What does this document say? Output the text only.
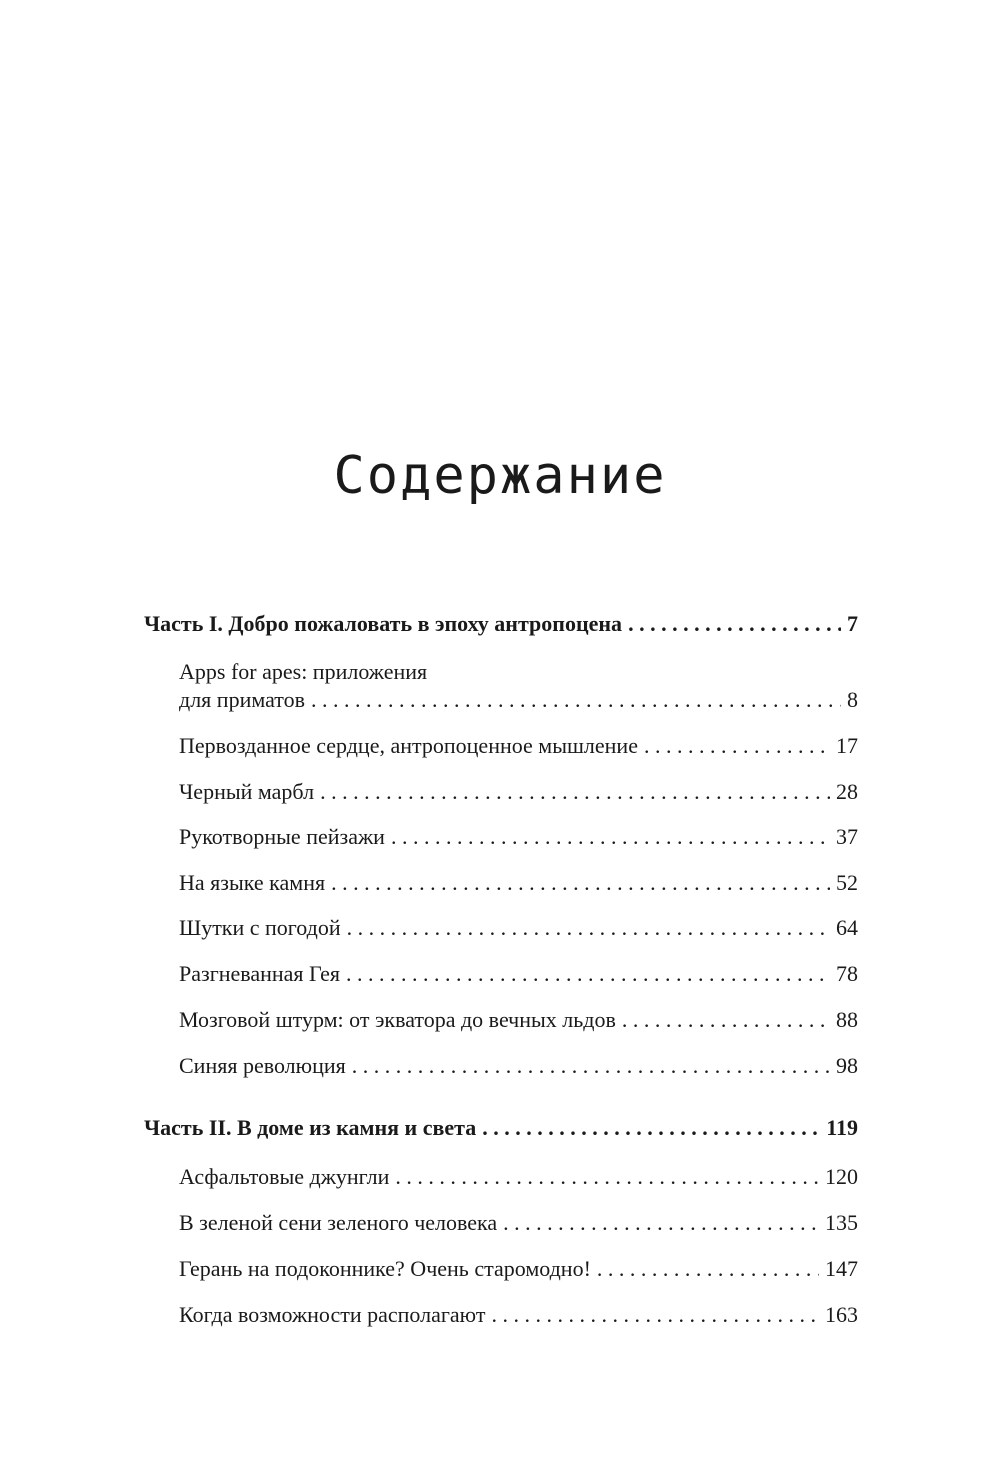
Содержание
Часть I. Добро пожаловать в эпоху антропоцена . . .	7
Apps for apes: приложения
для приматов . . .	8
Первозданное сердце, антропоценное мышление . . .	17
Черный марбл . . .	28
Рукотворные пейзажи . . .	37
На языке камня . . .	52
Шутки с погодой . . .	64
Разгневанная Гея . . .	78
Мозговой штурм: от экватора до вечных льдов . . .	88
Синяя революция . . .	98
Часть II. В доме из камня и света . . .	119
Асфальтовые джунгли . . .	120
В зеленой сени зеленого человека . . .	135
Герань на подоконнике? Очень старомодно! . . .	147
Когда возможности располагают . . .	163
